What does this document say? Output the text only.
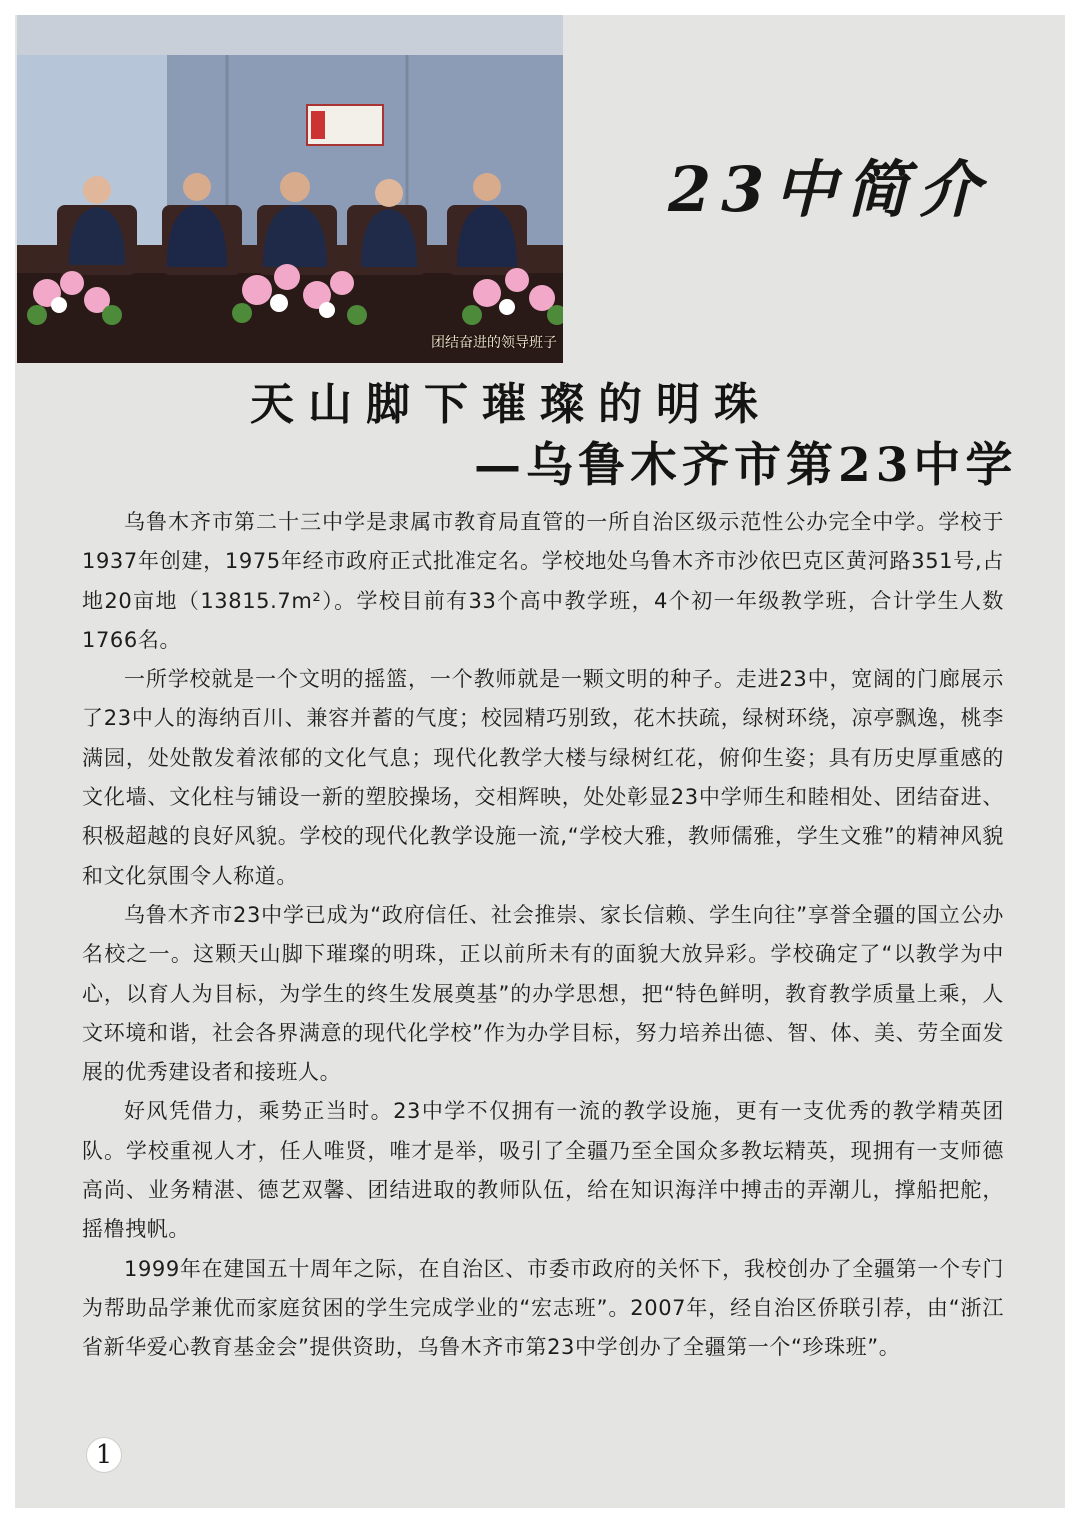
团结奋进的领导班子
23中简介
天山脚下璀璨的明珠
—乌鲁木齐市第23中学

乌鲁木齐市第二十三中学是隶属市教育局直管的一所自治区级示范性公办完全中学。学校于1937年创建，1975年经市政府正式批准定名。学校地处乌鲁木齐市沙依巴克区黄河路351号,占地20亩地（13815.7m²）。学校目前有33个高中教学班，4个初一年级教学班，合计学生人数1766名。

一所学校就是一个文明的摇篮，一个教师就是一颗文明的种子。走进23中，宽阔的门廊展示了23中人的海纳百川、兼容并蓄的气度；校园精巧别致，花木扶疏，绿树环绕，凉亭飘逸，桃李满园，处处散发着浓郁的文化气息；现代化教学大楼与绿树红花，俯仰生姿；具有历史厚重感的文化墙、文化柱与铺设一新的塑胶操场，交相辉映，处处彰显23中学师生和睦相处、团结奋进、积极超越的良好风貌。学校的现代化教学设施一流,“学校大雅，教师儒雅，学生文雅”的精神风貌和文化氛围令人称道。

乌鲁木齐市23中学已成为“政府信任、社会推崇、家长信赖、学生向往”享誉全疆的国立公办名校之一。这颗天山脚下璀璨的明珠，正以前所未有的面貌大放异彩。学校确定了“以教学为中心，以育人为目标，为学生的终生发展奠基”的办学思想，把“特色鲜明，教育教学质量上乘，人文环境和谐，社会各界满意的现代化学校”作为办学目标，努力培养出德、智、体、美、劳全面发展的优秀建设者和接班人。

好风凭借力，乘势正当时。23中学不仅拥有一流的教学设施，更有一支优秀的教学精英团队。学校重视人才，任人唯贤，唯才是举，吸引了全疆乃至全国众多教坛精英，现拥有一支师德高尚、业务精湛、德艺双馨、团结进取的教师队伍，给在知识海洋中搏击的弄潮儿，撑船把舵，摇橹拽帆。

1999年在建国五十周年之际，在自治区、市委市政府的关怀下，我校创办了全疆第一个专门为帮助品学兼优而家庭贫困的学生完成学业的“宏志班”。2007年，经自治区侨联引荐，由“浙江省新华爱心教育基金会”提供资助，乌鲁木齐市第23中学创办了全疆第一个“珍珠班”。

1
